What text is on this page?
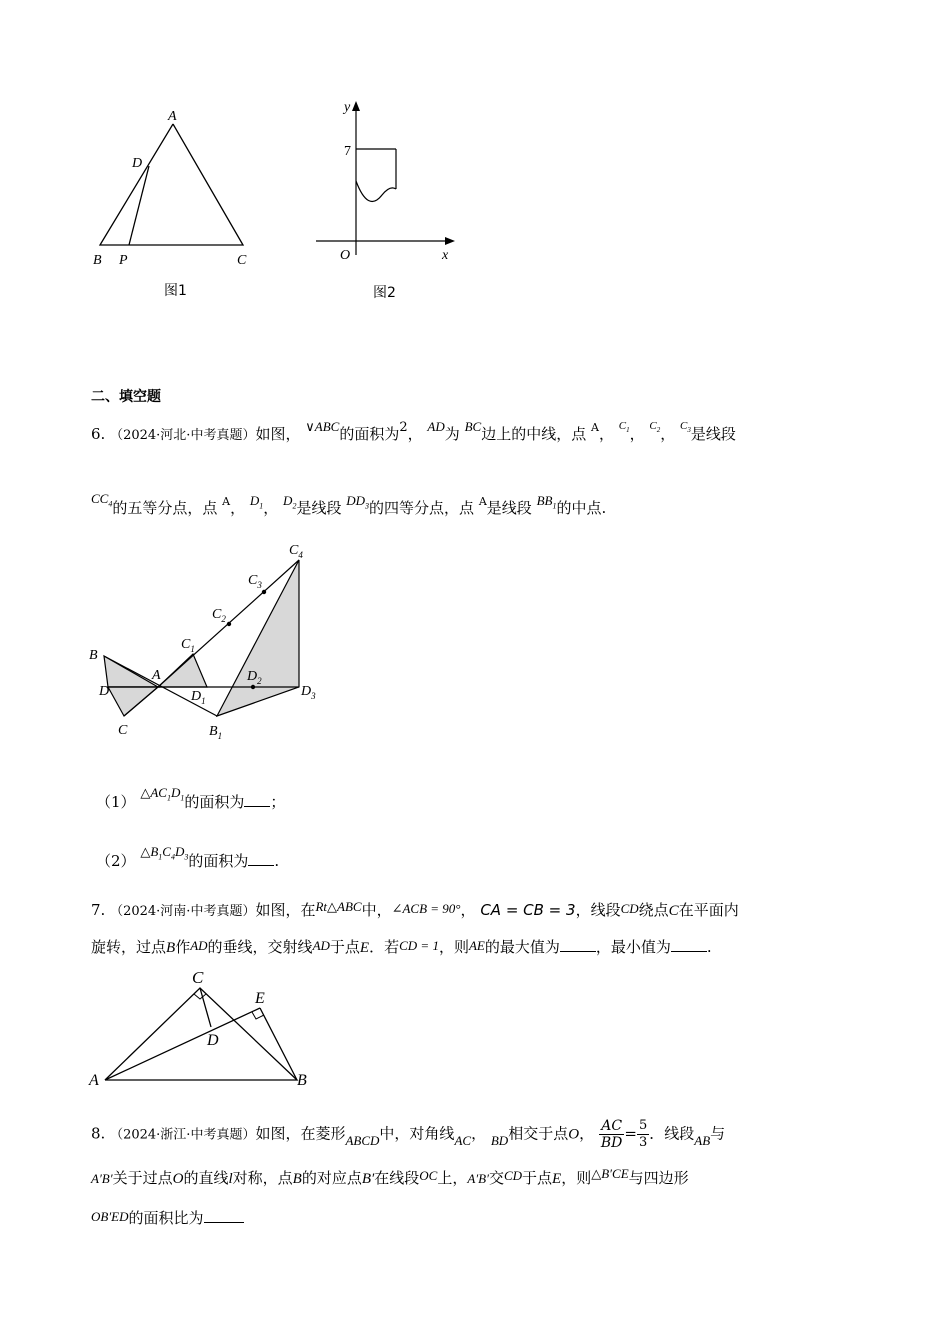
A
D
B P	C
图1
y
7
O	x
图2
二、填空题
6. （2024·河北·中考真题）如图， ∨ABC的面积为2， AD为 BC边上的中线，点 $^A$， $^{C_1}$， $^{C_2}$， $^{C_3}$是线段
$CC_4$的五等分点，点 $^A$， $D_1$， $D_2$是线段 $DD_3$的四等分点，点 $^A$是线段 $BB_1$的中点.
B
D
C
A
$C_1$
$C_2$
$C_3$
$C_4$
$D_1$
$D_2$
$D_3$
$B_1$
（1） $\triangle AC_1D_1$的面积为 ；
（2） $\triangle B_1C_4D_3$的面积为 .
7. （2024·河南·中考真题）如图，在Rt△ABC中，∠ACB = 90°， CA = CB = 3，线段CD绕点C在平面内
旋转，过点B作AD的垂线，交射线AD于点E．若CD = 1，则AE的最大值为 ，最小值为 .
C
E
D
A	B
8. （2024·浙江·中考真题）如图，在菱形ABCD中，对角线AC， BD相交于点O， $\frac{AC}{BD} = \frac{5}{3}$ ．线段AB与
A′B′关于过点O的直线l对称，点B的对应点B′在线段OC上，A′B′交CD于点E，则△B′CE与四边形
OB′ED的面积比为
